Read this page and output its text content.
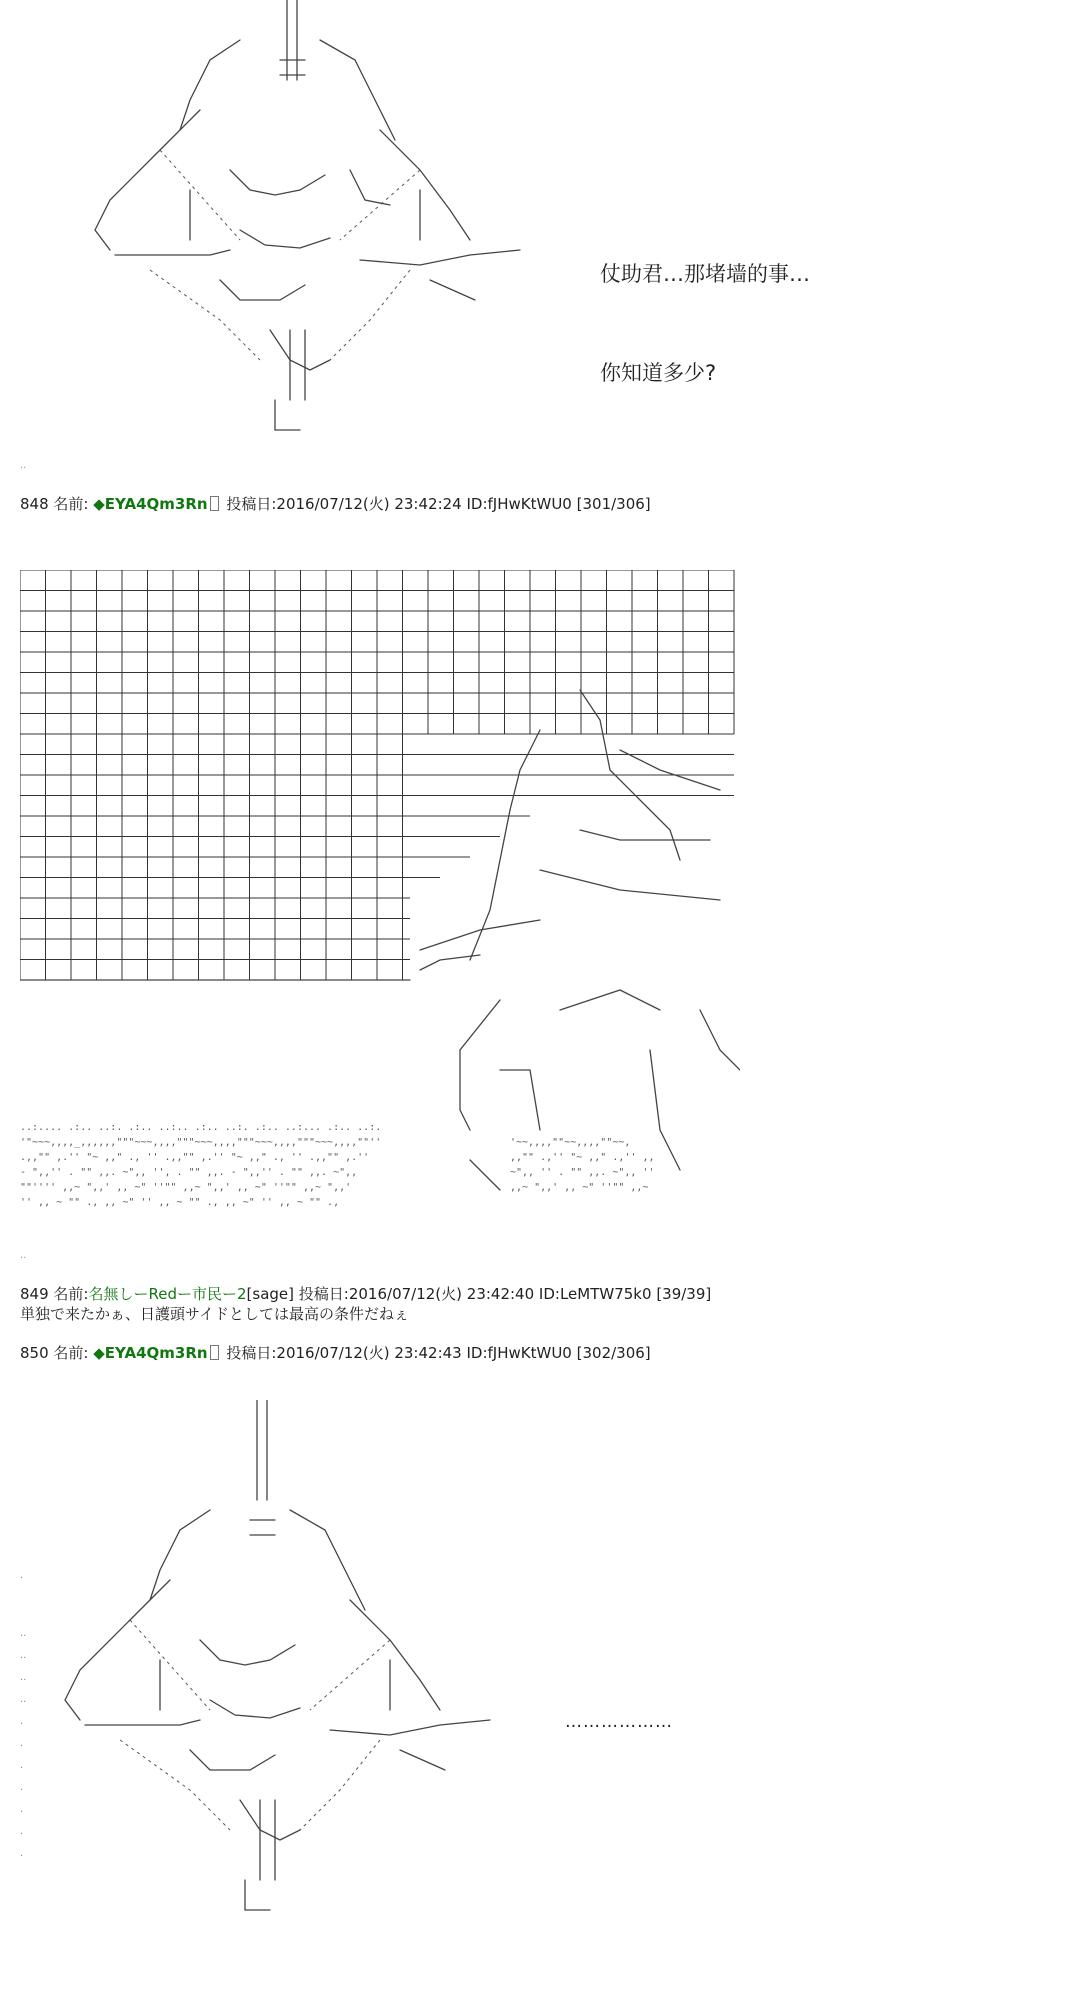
仗助君…那堵墙的事…

你知道多少?

..
848 名前: ◆EYA4Qm3Rn 投稿日:2016/07/12(火) 23:42:24 ID:fJHwKtWU0 [301/306]
..:.... .:.. ..:. .:.. ..:.. .:.. ..:. .:.. ..:... .:.. ..:.
'"~~~,,,,_,,,,,,"""~~~,,,,"""~~~,,,,"""~~~,,,,"""~~~,,,,""''
.,,"" ,.'' "~ ,," ., '' .,,"" ,.'' "~ ,," ., '' .,,"" ,.''
- ",,'' . "" ,,. ~",, '', . "" ,,. - ",,'' . "" ,,. ~",,
""'''' ,,~ ",,' ,, ~" ''"" ,,~ ",,' ,, ~" ''"" ,,~ ",,'
'' ,, ~ "" ., ,, ~" '' ,, ~ "" ., ,, ~" '' ,, ~ "" .,
'~~,,,,""~~,,,,""~~,
,,"" .,'' "~ ,," .,'' ,,
~",, '' . "" ,,. ~",, ''
,,~ ",,' ,, ~" ''"" ,,~
..
849 名前:名無しーRedー市民ー2[sage] 投稿日:2016/07/12(火) 23:42:40 ID:LeMTW75k0 [39/39]
単独で来たかぁ、日護頭サイドとしては最高の条件だねぇ
850 名前: ◆EYA4Qm3Rn 投稿日:2016/07/12(火) 23:42:43 ID:fJHwKtWU0 [302/306]
.
..
..
..
..
.
.
.
.
.
.
.
………………
